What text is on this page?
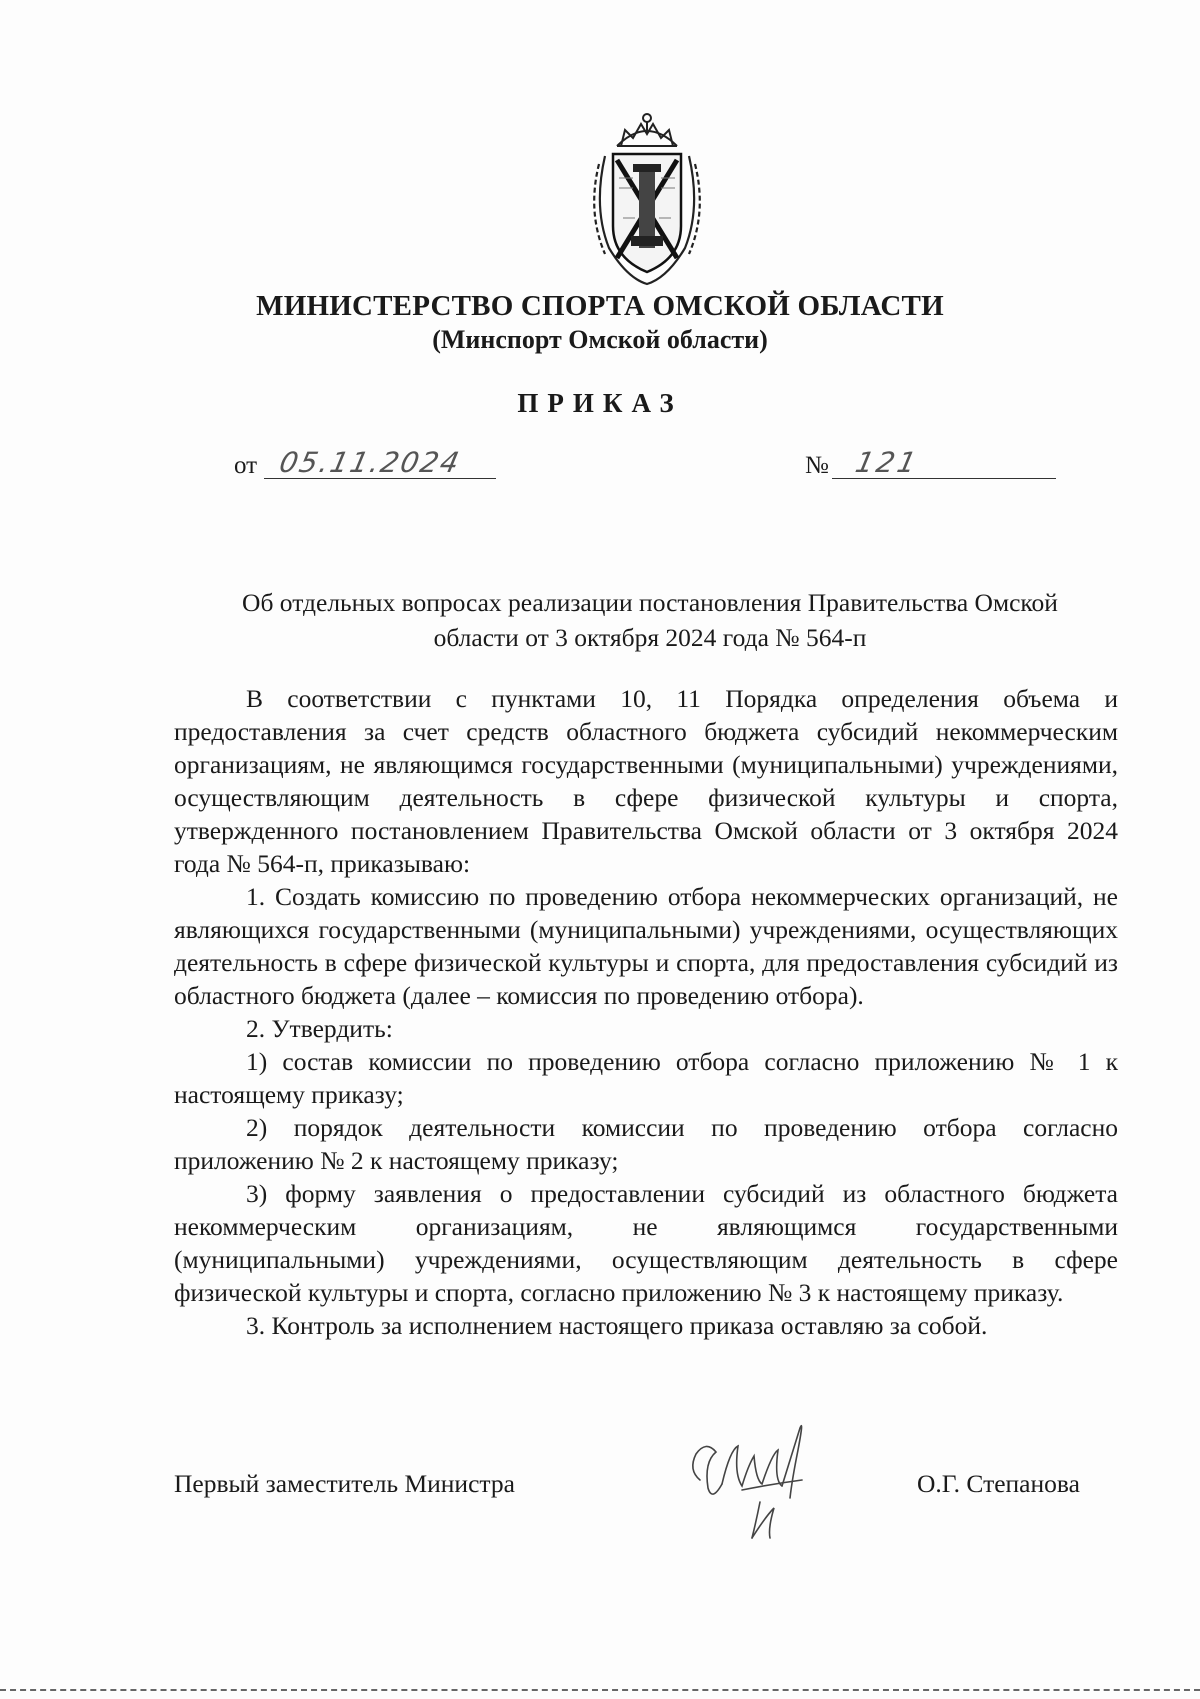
МИНИСТЕРСТВО СПОРТА ОМСКОЙ ОБЛАСТИ
(Минспорт Омской области)
ПРИКАЗ
от 05.11.2024	№ 121
Об отдельных вопросах реализации постановления Правительства Омской
области от 3 октября 2024 года № 564-п

В соответствии с пунктами 10, 11 Порядка определения объема и предоставления за счет средств областного бюджета субсидий некоммерческим организациям, не являющимся государственными (муниципальными) учреждениями, осуществляющим деятельность в сфере физической культуры и спорта, утвержденного постановлением Правительства Омской области от 3 октября 2024 года № 564-п, приказываю:

1. Создать комиссию по проведению отбора некоммерческих организаций, не являющихся государственными (муниципальными) учреждениями, осуществляющих деятельность в сфере физической культуры и спорта, для предоставления субсидий из областного бюджета (далее – комиссия по проведению отбора).

2. Утвердить:

1) состав комиссии по проведению отбора согласно приложению № 1 к настоящему приказу;

2) порядок деятельности комиссии по проведению отбора согласно приложению № 2 к настоящему приказу;

3) форму заявления о предоставлении субсидий из областного бюджета некоммерческим организациям, не являющимся государственными (муниципальными) учреждениями, осуществляющим деятельность в сфере физической культуры и спорта, согласно приложению № 3 к настоящему приказу.

3. Контроль за исполнением настоящего приказа оставляю за собой.

Первый заместитель Министра	О.Г. Степанова
